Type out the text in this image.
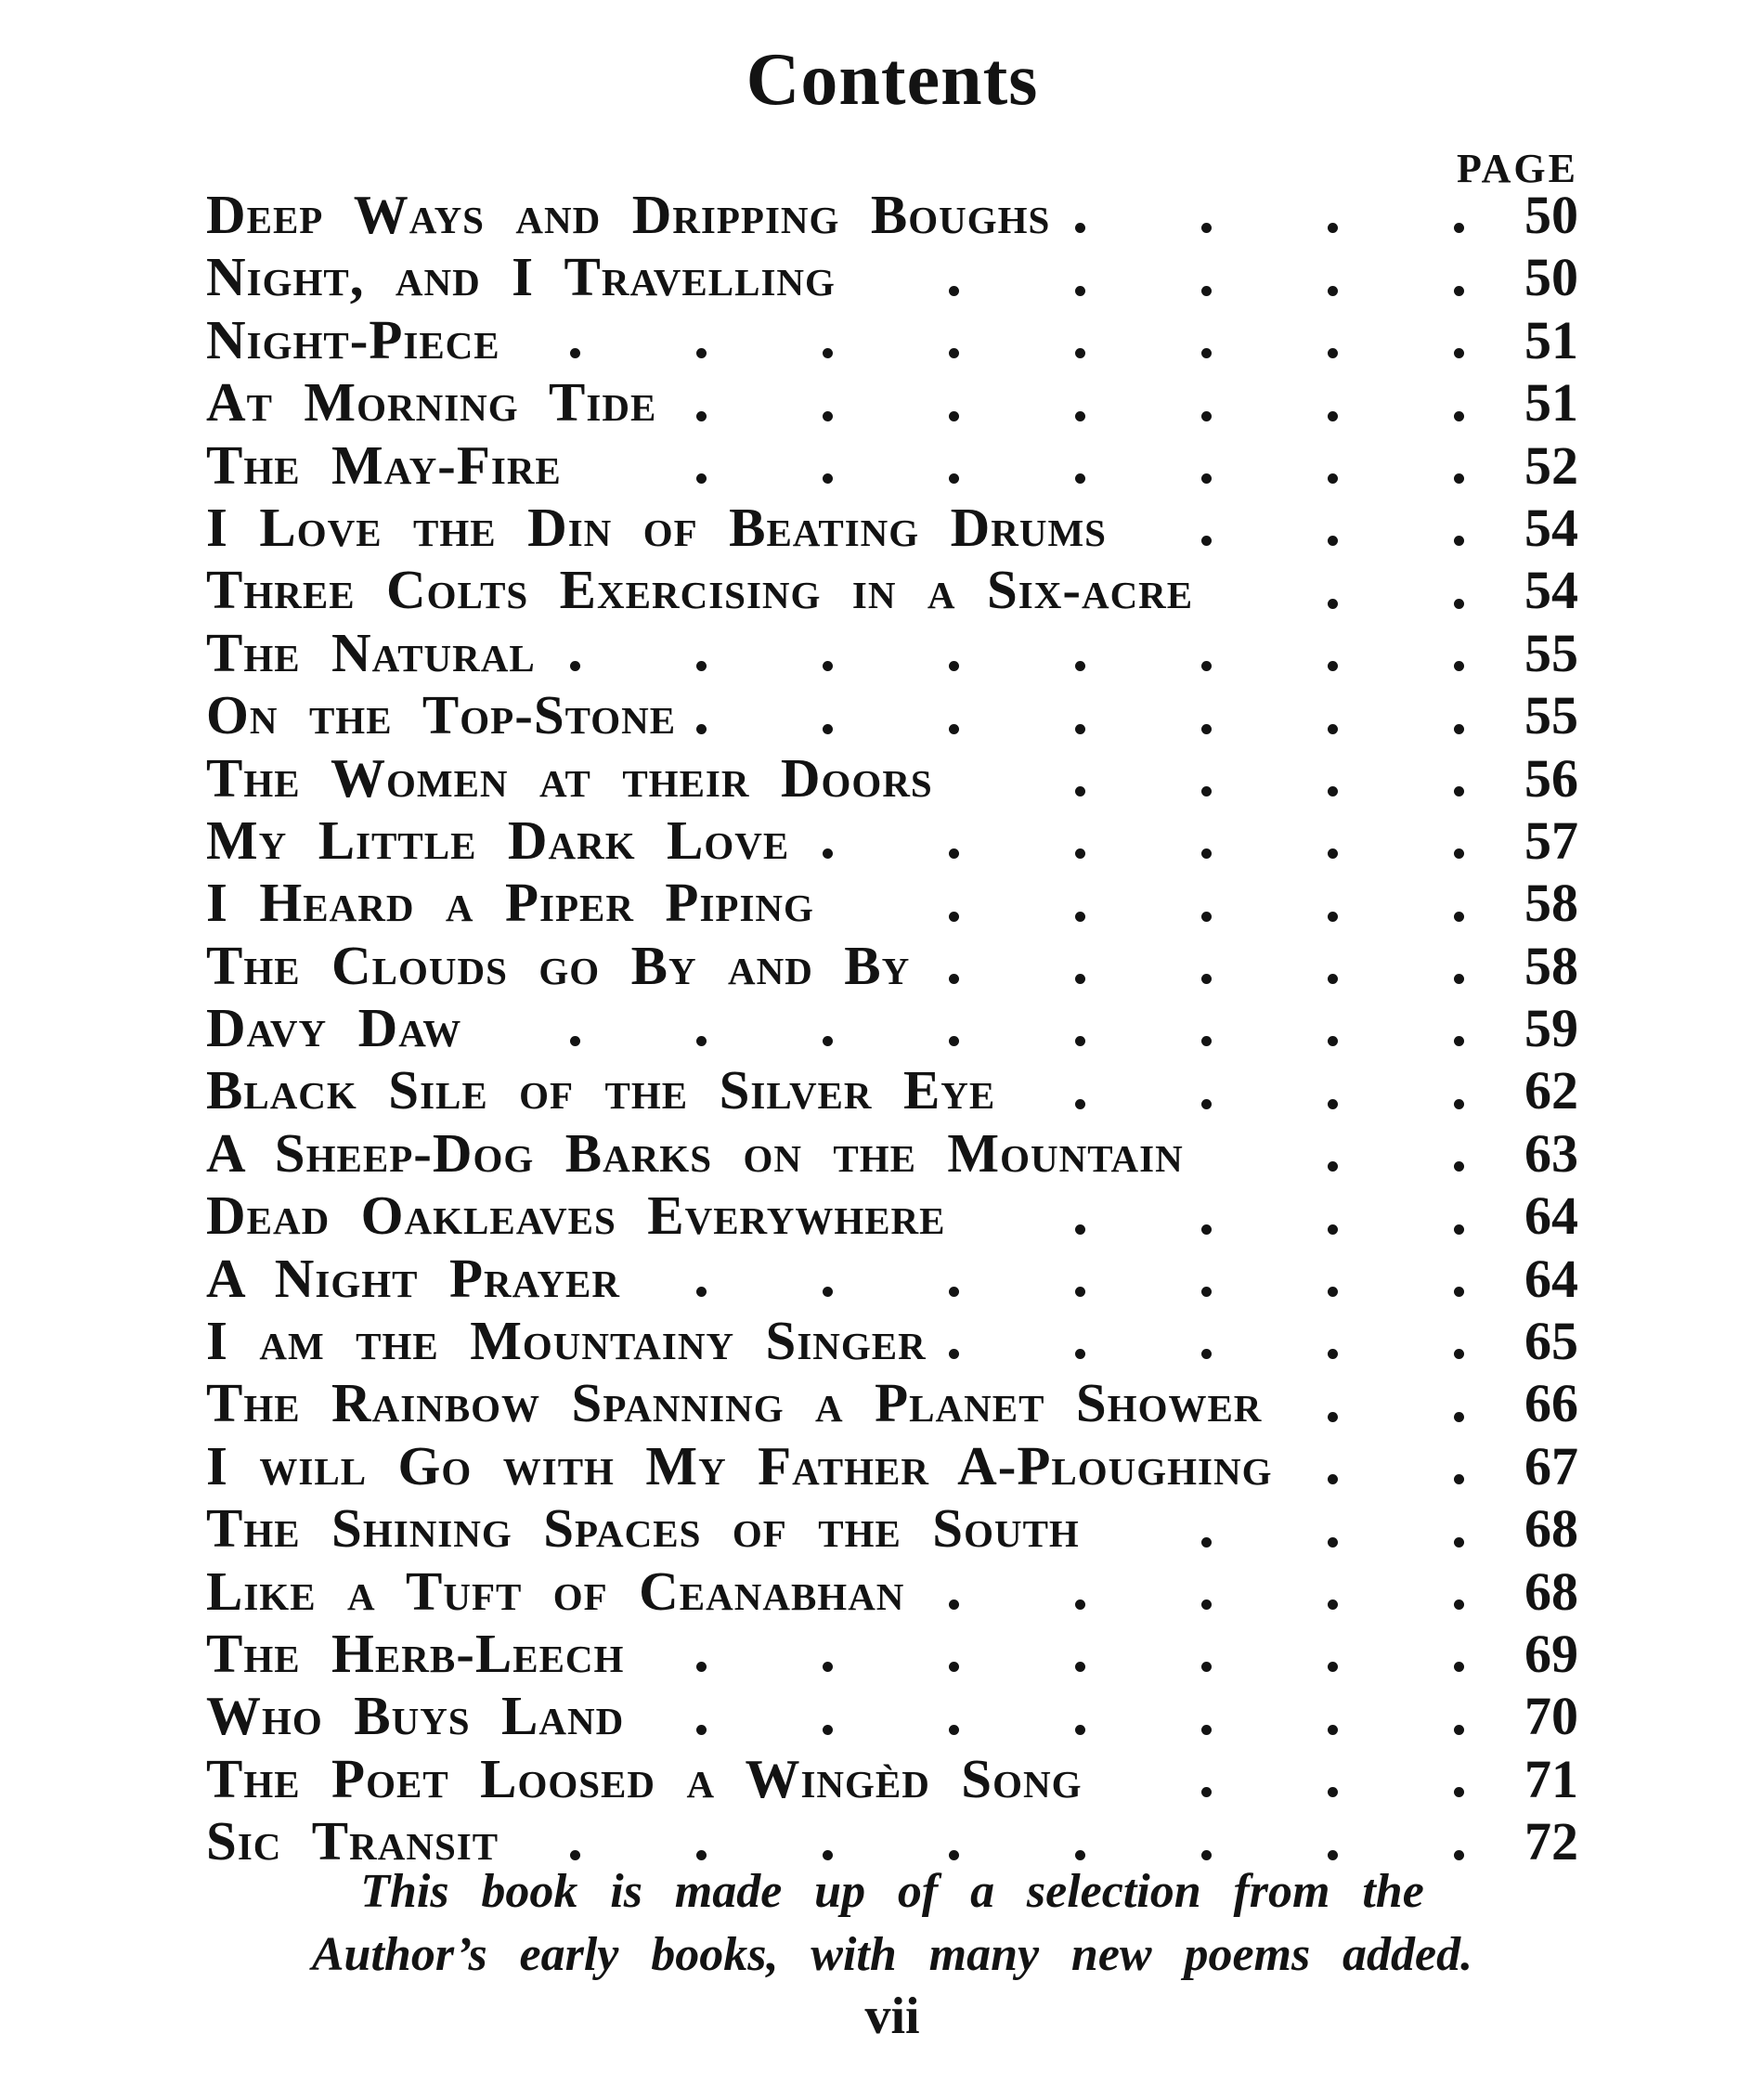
Contents
PAGE
Deep Ways and Dripping Boughs	50
Night, and I Travelling	50
Night-Piece	51
At Morning Tide	51
The May-Fire	52
I Love the Din of Beating Drums	54
Three Colts Exercising in a Six-acre	54
The Natural	55
On the Top-Stone	55
The Women at their Doors	56
My Little Dark Love	57
I Heard a Piper Piping	58
The Clouds go By and By	58
Davy Daw	59
Black Sile of the Silver Eye	62
A Sheep-Dog Barks on the Mountain	63
Dead Oakleaves Everywhere	64
A Night Prayer	64
I am the Mountainy Singer	65
The Rainbow Spanning a Planet Shower	66
I will Go with My Father A-Ploughing	67
The Shining Spaces of the South	68
Like a Tuft of Ceanabhan	68
The Herb-Leech	69
Who Buys Land	70
The Poet Loosed a Wingèd Song	71
Sic Transit	72
This book is made up of a selection from the
Author’s early books, with many new poems added.
vii
